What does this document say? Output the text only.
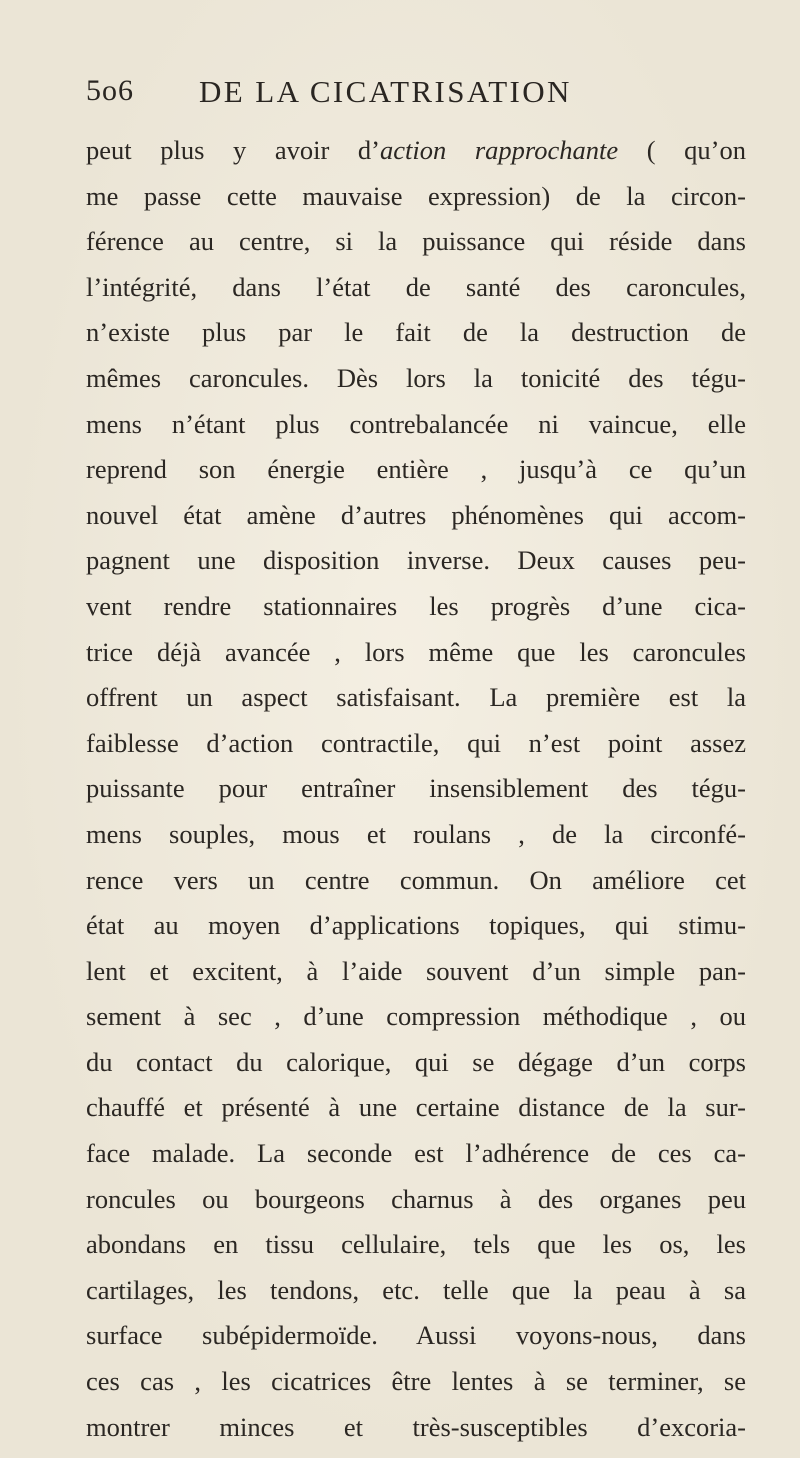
5o6 DE LA CICATRISATION
peut plus y avoir d’action rapprochante ( qu’on
me passe cette mauvaise expression) de la circon-
férence au centre, si la puissance qui réside dans
l’intégrité, dans l’état de santé des caroncules,
n’existe plus par le fait de la destruction de
mêmes caroncules. Dès lors la tonicité des tégu-
mens n’étant plus contrebalancée ni vaincue, elle
reprend son énergie entière , jusqu’à ce qu’un
nouvel état amène d’autres phénomènes qui accom-
pagnent une disposition inverse. Deux causes peu-
vent rendre stationnaires les progrès d’une cica-
trice déjà avancée , lors même que les caroncules
offrent un aspect satisfaisant. La première est la
faiblesse d’action contractile, qui n’est point assez
puissante pour entraîner insensiblement des tégu-
mens souples, mous et roulans , de la circonfé-
rence vers un centre commun. On améliore cet
état au moyen d’applications topiques, qui stimu-
lent et excitent, à l’aide souvent d’un simple pan-
sement à sec , d’une compression méthodique , ou
du contact du calorique, qui se dégage d’un corps
chauffé et présenté à une certaine distance de la sur-
face malade. La seconde est l’adhérence de ces ca-
roncules ou bourgeons charnus à des organes peu
abondans en tissu cellulaire, tels que les os, les
cartilages, les tendons, etc. telle que la peau à sa
surface subépidermoïde. Aussi voyons-nous, dans
ces cas , les cicatrices être lentes à se terminer, se
montrer minces et très-susceptibles d’excoria-
